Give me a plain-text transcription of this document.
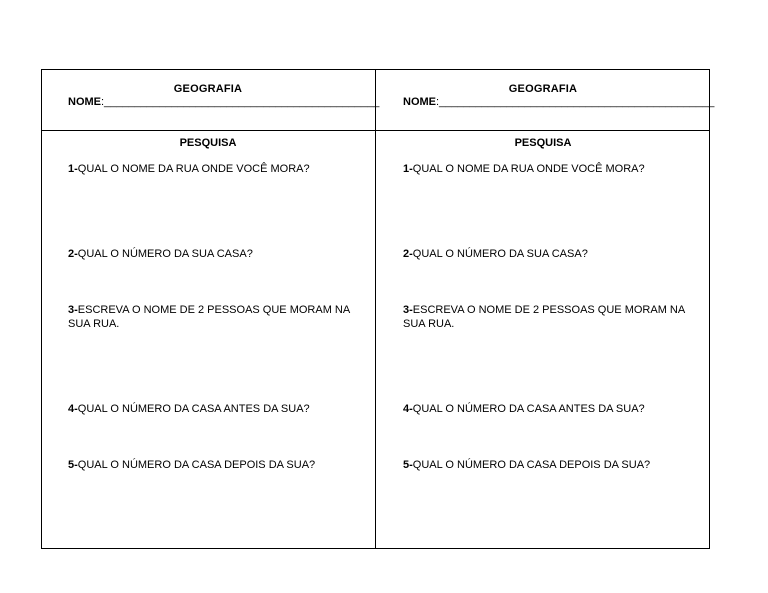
GEOGRAFIA
NOME:_____________________________________________
PESQUISA
1-QUAL O NOME DA RUA ONDE VOCÊ MORA?
2-QUAL O NÚMERO DA SUA CASA?
3-ESCREVA O NOME DE 2 PESSOAS QUE MORAM NA SUA RUA.
4-QUAL O NÚMERO DA CASA ANTES DA SUA?
5-QUAL O NÚMERO DA CASA DEPOIS DA SUA?
GEOGRAFIA
NOME:_____________________________________________
PESQUISA
1-QUAL O NOME DA RUA ONDE VOCÊ MORA?
2-QUAL O NÚMERO DA SUA CASA?
3-ESCREVA O NOME DE 2 PESSOAS QUE MORAM NA SUA RUA.
4-QUAL O NÚMERO DA CASA ANTES DA SUA?
5-QUAL O NÚMERO DA CASA DEPOIS DA SUA?
